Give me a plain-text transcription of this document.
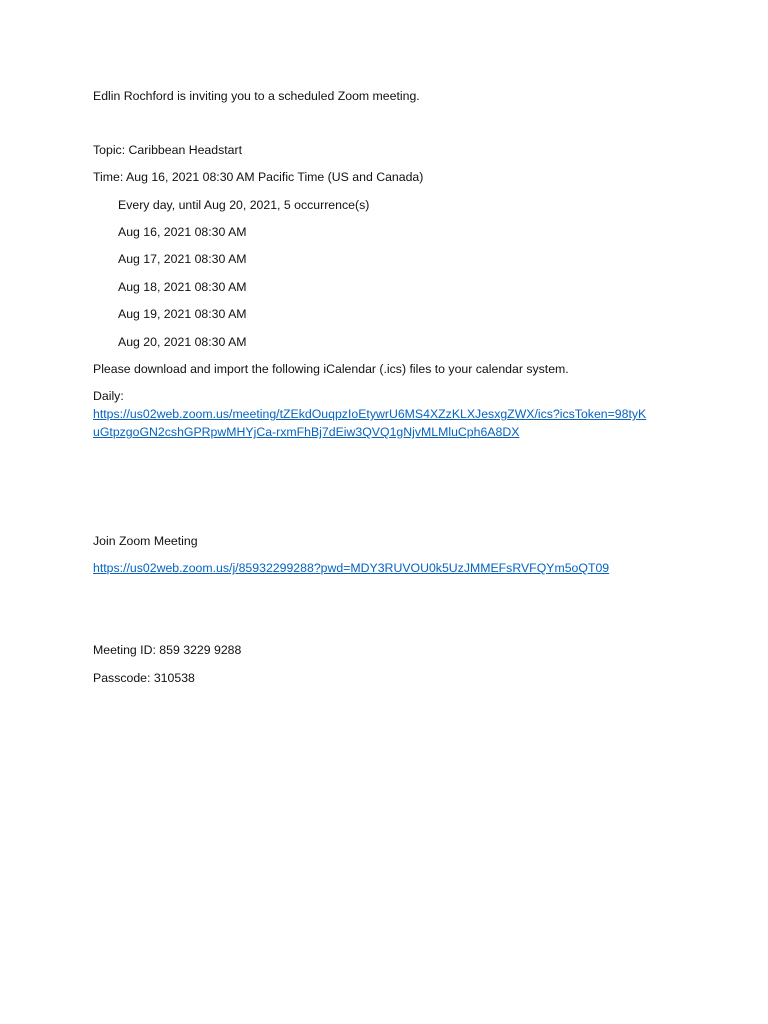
Edlin Rochford is inviting you to a scheduled Zoom meeting.
Topic: Caribbean Headstart
Time: Aug 16, 2021 08:30 AM Pacific Time (US and Canada)
Every day, until Aug 20, 2021, 5 occurrence(s)
Aug 16, 2021 08:30 AM
Aug 17, 2021 08:30 AM
Aug 18, 2021 08:30 AM
Aug 19, 2021 08:30 AM
Aug 20, 2021 08:30 AM
Please download and import the following iCalendar (.ics) files to your calendar system.
Daily:
https://us02web.zoom.us/meeting/tZEkdOuqpzIoEtywrU6MS4XZzKLXJesxgZWX/ics?icsToken=98tyK
uGtpzgoGN2cshGPRpwMHYjCa-rxmFhBj7dEiw3QVQ1gNjvMLMluCph6A8DX
Join Zoom Meeting
https://us02web.zoom.us/j/85932299288?pwd=MDY3RUVOU0k5UzJMMEFsRVFQYm5oQT09
Meeting ID: 859 3229 9288
Passcode: 310538
